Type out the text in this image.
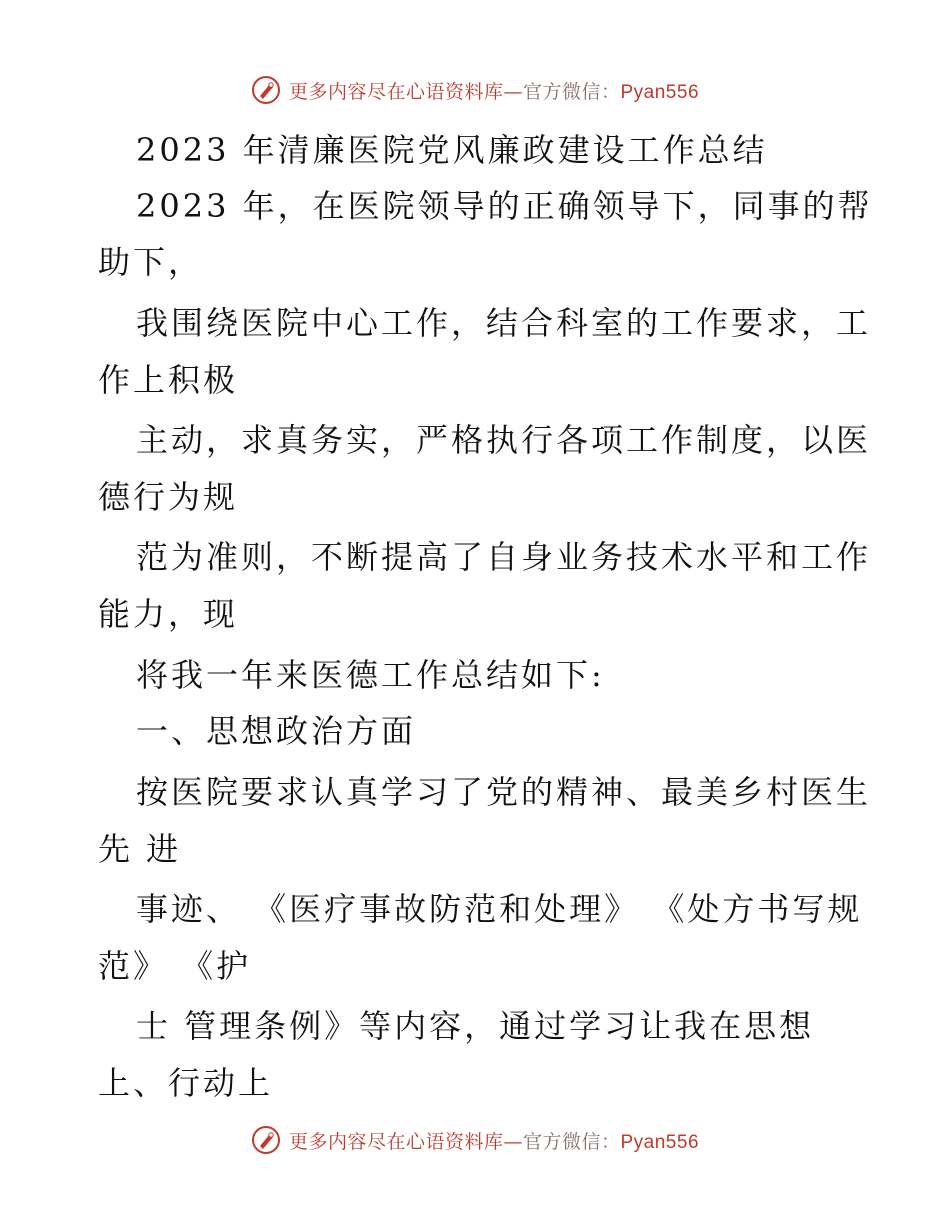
更多内容尽在心语资料库—官方微信：Pyan556
2023 年清廉医院党风廉政建设工作总结
2023 年，在医院领导的正确领导下，同事的帮
助下，
我围绕医院中心工作，结合科室的工作要求，工
作上积极
主动，求真务实，严格执行各项工作制度，以医
德行为规
范为准则，不断提高了自身业务技术水平和工作
能力，现
将我一年来医德工作总结如下:
一、思想政治方面
按医院要求认真学习了党的精神、最美乡村医生
先 进
事迹、 《医疗事故防范和处理》 《处方书写规
范》 《护
士 管理条例》等内容，通过学习让我在思想
上、行动上
更多内容尽在心语资料库—官方微信：Pyan556
